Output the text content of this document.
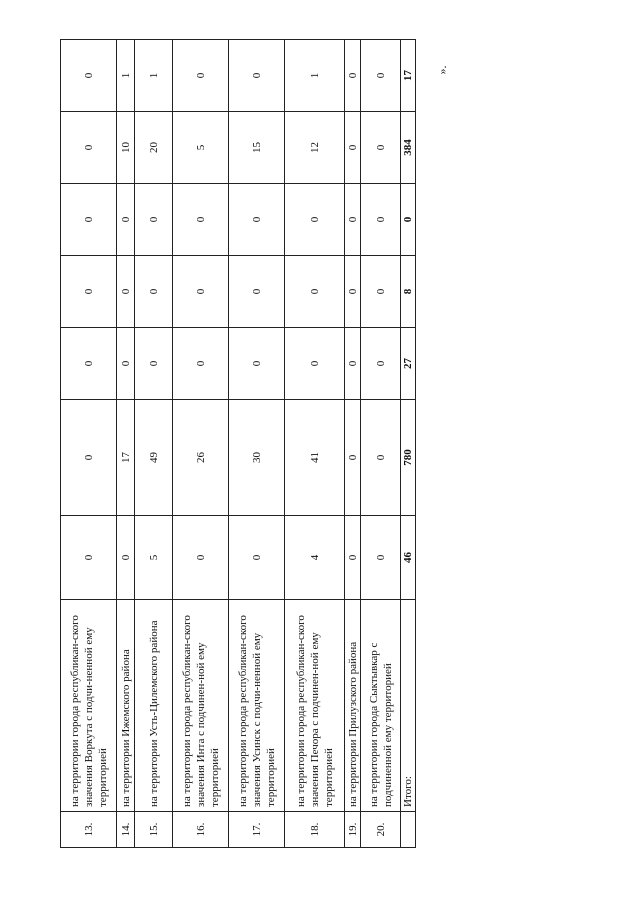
13.	на территории города республикан-ского значения Воркута с подчи-ненной ему территорией	0	0	0	0	0	0	0
14.	на территории Ижемского района	0	17	0	0	0	10	1
15.	на территории Усть-Цилемского района	5	49	0	0	0	20	1
16.	на территории города республикан-ского значения Инта с подчинен-ной ему территорией	0	26	0	0	0	5	0
17.	на территории города республикан-ского значения Усинск с подчи-ненной ему территорией	0	30	0	0	0	15	0
18.	на территории города республикан-ского значения Печора с подчинен-ной ему территорией	4	41	0	0	0	12	1
19.	на территории Прилузского района	0	0	0	0	0	0	0
20.	на территории города Сыктывкар с подчиненной ему территорией	0	0	0	0	0	0	0
	Итого:	46	780	27	8	0	384	17 ».
